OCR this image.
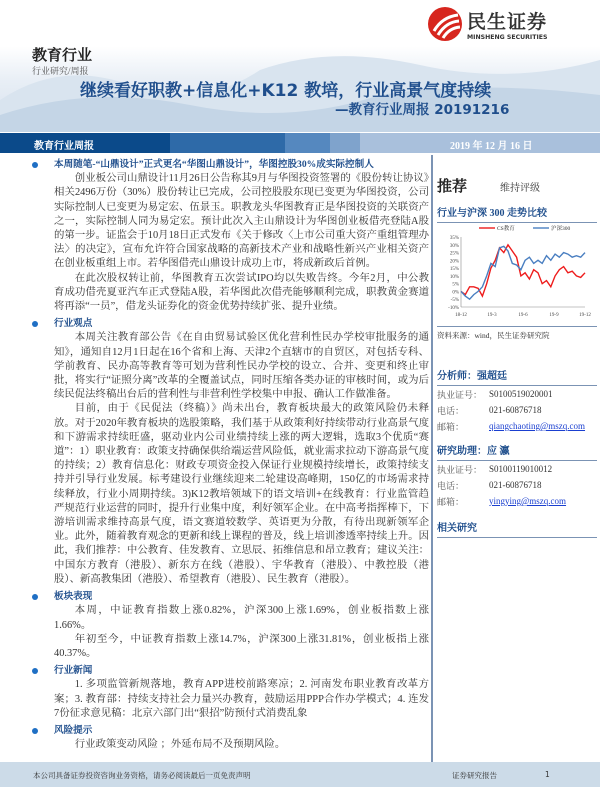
民生证券
MINSHENG SECURITIES
教育行业
行业研究/周报
继续看好职教+信息化+K12 教培，行业高景气度持续
—教育行业周报 20191216
教育行业周报	2019 年 12 月 16 日
本周随笔-“山鼎设计”正式更名“华图山鼎设计”，华图控股30%成实际控制人
创业板公司山鼎设计11月26日公告称其9月与华图投资签署的《股份转让协议》相关2496万份（30%）股份转让已完成，公司控股股东现已变更为华图投资，公司实际控制人已变更为易定宏、伍景玉。职教龙头华图教育正是华图投资的关联资产之一，实际控制人同为易定宏。预计此次入主山鼎设计为华图创业板借壳登陆A股的第一步。证监会于10月18日正式发布《关于修改〈上市公司重大资产重组管理办法〉的决定》，宣布允许符合国家战略的高新技术产业和战略性新兴产业相关资产在创业板重组上市。若华图借壳山鼎设计成功上市，将成新政后首例。
在此次股权转让前，华图教育五次尝试IPO均以失败告终。今年2月，中公教育成功借壳夏亚汽车正式登陆A股，若华图此次借壳能够顺利完成，职教黄金赛道将再添“一员”，借龙头证券化的资金优势持续扩张、提升业绩。
行业观点
本周关注教育部公告《在自由贸易试验区优化营利性民办学校审批服务的通知》，通知自12月1日起在16个省和上海、天津2个直辖市的自贸区，对包括专科、学前教育、民办高等教育等可划为营利性民办学校的设立、合并、变更和终止审批，将实行“证照分离”改革的全覆盖试点，同时压缩各类办证的审核时间，或为后续民促法终稿出台后的营利性与非营利性学校集中申报、确认工作做准备。
目前，由于《民促法（终稿）》尚未出台，教育板块最大的政策风险仍未释放。对于2020年教育板块的选股策略，我们基于从政策利好持续带动行业高景气度和下游需求持续旺盛，驱动业内公司业绩持续上涨的两大逻辑，选取3个优质“赛道”：1）职业教育：政策支持确保供给端运营风险低，就业需求拉动下游高景气度的持续；2）教育信息化：财政专项资金投入保证行业规模持续增长，政策持续支持并引导行业发展。标考建设行业继续迎来二轮建设高峰期，150亿的市场需求持续释放，行业小周期持续。3)K12教培领域下的语文培训+在线教育：行业监管趋严规范行业运营的同时，提升行业集中度，利好领军企业。在中高考指挥棒下，下游培训需求维持高景气度，语文赛道较数学、英语更为分散，有待出现新领军企业。此外，随着教育观念的更新和线上课程的普及，线上培训渗透率持续上升。因此，我们推荐：中公教育、佳发教育、立思辰、拓维信息和昂立教育；建议关注：中国东方教育（港股）、新东方在线（港股）、宇华教育（港股）、中教控股（港股）、新高教集团（港股）、希望教育（港股）、民生教育（港股）。
板块表现
本周，中证教育指数上涨0.82%，沪深300上涨1.69%，创业板指数上涨1.66%。
年初至今，中证教育指数上涨14.7%，沪深300上涨31.81%，创业板指上涨40.37%。
行业新闻
1. 多项监管新规落地，教育APP进校前路寒凉；2. 河南发布职业教育改革方案；3. 教育部：持续支持社会力量兴办教育，鼓励运用PPP合作办学模式；4. 连发7份征求意见稿：北京六部门出“狠招”防预付式消费乱象
风险提示
行业政策变动风险 ；外延布局不及预期风险。
推荐	维持评级
行业与沪深 300 走势比较
-10%
-5%
0%
5%
10%
15%
20%
25%
30%
35%
18-12	19-3	19-6	19-9	19-12
CS教育	沪深300
资料来源：wind，民生证券研究院
分析师：强超廷
执业证号： S0100519020001
电话：	021-60876718
邮箱：	qiangchaoting@mszq.com
研究助理：应 瀛
执业证号： S0100119010012
电话：	021-60876718
邮箱：	yingying@mszq.com
相关研究
本公司具备证券投资咨询业务资格，请务必阅读最后一页免责声明	证券研究报告	1
